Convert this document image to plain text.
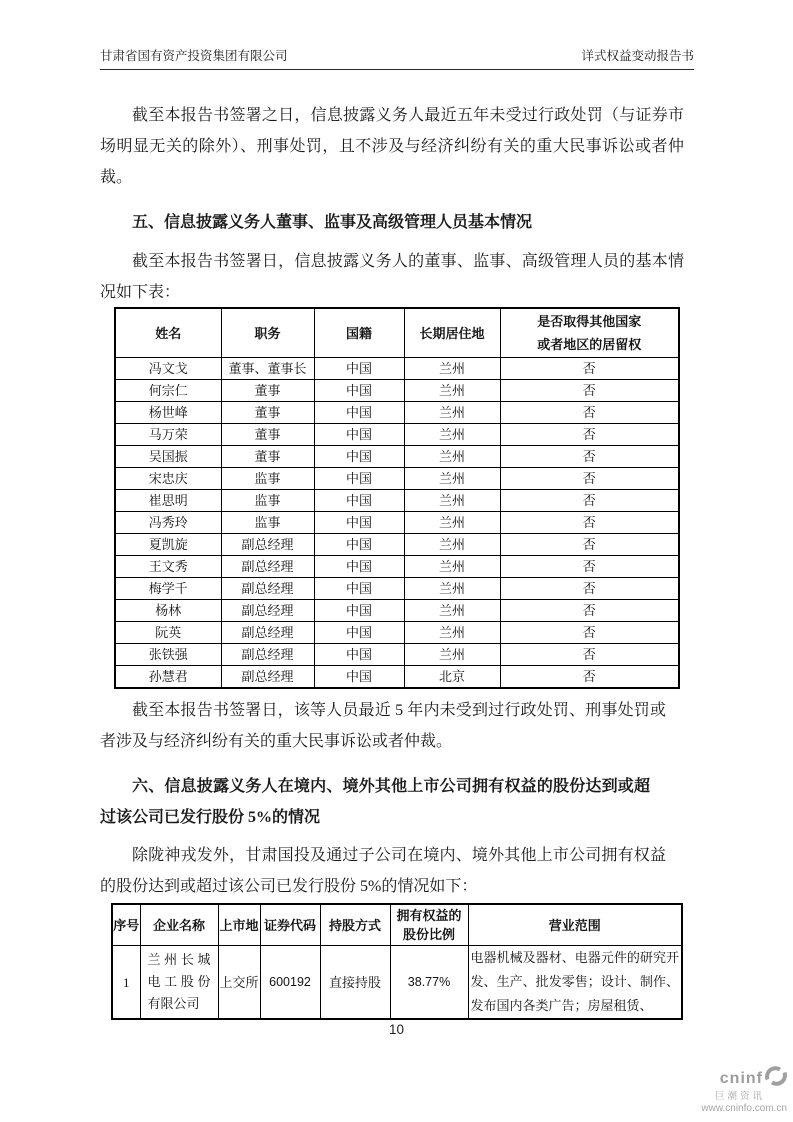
甘肃省国有资产投资集团有限公司	详式权益变动报告书

截至本报告书签署之日，信息披露义务人最近五年未受过行政处罚（与证券市场明显无关的除外）、刑事处罚，且不涉及与经济纠纷有关的重大民事诉讼或者仲裁。

五、信息披露义务人董事、监事及高级管理人员基本情况

截至本报告书签署日，信息披露义务人的董事、监事、高级管理人员的基本情况如下表：

姓名	职务	国籍	长期居住地	是否取得其他国家或者地区的居留权
冯文戈	董事、董事长	中国	兰州	否
何宗仁	董事	中国	兰州	否
杨世峰	董事	中国	兰州	否
马万荣	董事	中国	兰州	否
吴国振	董事	中国	兰州	否
宋忠庆	监事	中国	兰州	否
崔思明	监事	中国	兰州	否
冯秀玲	监事	中国	兰州	否
夏凯旋	副总经理	中国	兰州	否
王文秀	副总经理	中国	兰州	否
梅学千	副总经理	中国	兰州	否
杨林	副总经理	中国	兰州	否
阮英	副总经理	中国	兰州	否
张铁强	副总经理	中国	兰州	否
孙慧君	副总经理	中国	北京	否

截至本报告书签署日，该等人员最近 5 年内未受到过行政处罚、刑事处罚或者涉及与经济纠纷有关的重大民事诉讼或者仲裁。

六、信息披露义务人在境内、境外其他上市公司拥有权益的股份达到或超过该公司已发行股份 5%的情况

除陇神戎发外，甘肃国投及通过子公司在境内、境外其他上市公司拥有权益的股份达到或超过该公司已发行股份 5%的情况如下：

序号	企业名称	上市地	证券代码	持股方式	拥有权益的股份比例	营业范围
1	兰州长城电工股份有限公司	上交所	600192	直接持股	38.77%	电器机械及器材、电器元件的研究开发、生产、批发零售；设计、制作、发布国内各类广告；房屋租赁、
10
cninf
巨潮资讯
www.cninfo.com.cn
